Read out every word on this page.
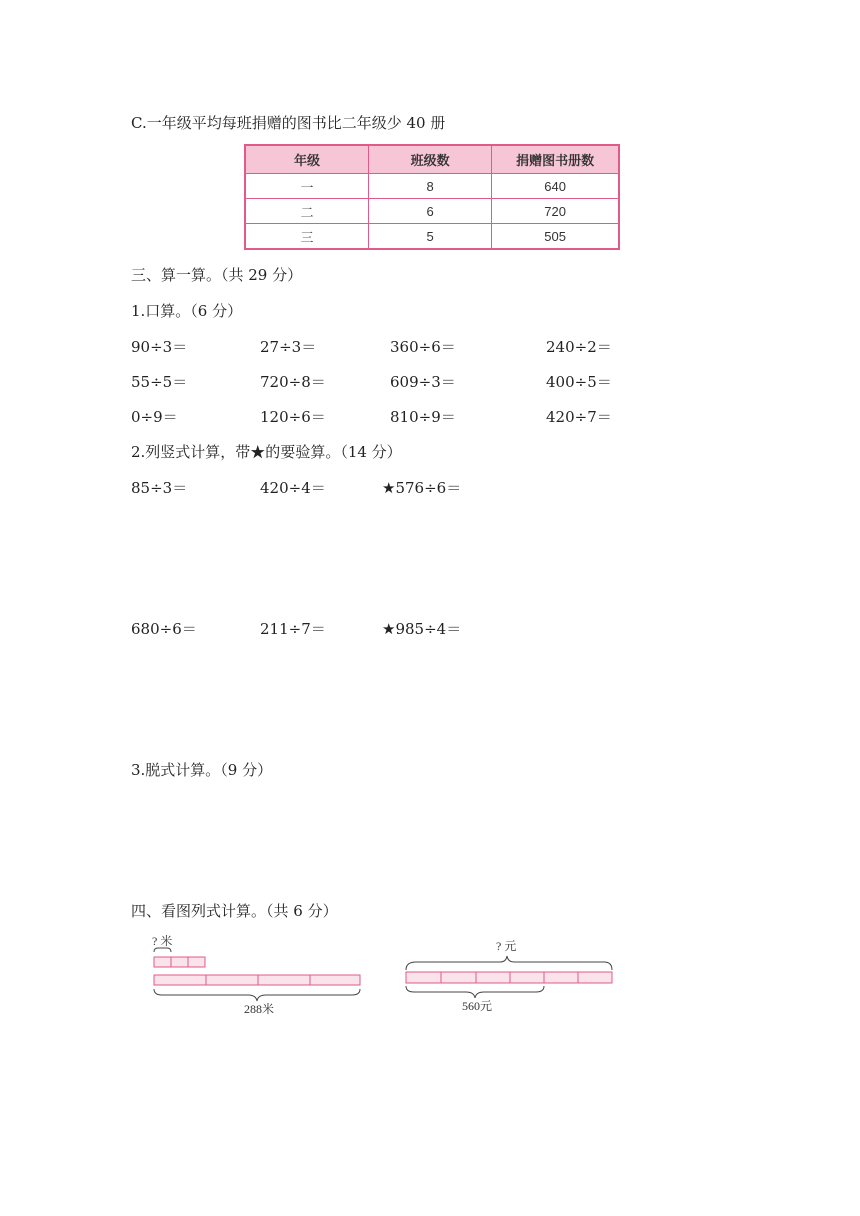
C.一年级平均每班捐赠的图书比二年级少 40 册
年级	班级数	捐赠图书册数
一	8	640
二	6	720
三	5	505
三、算一算。（共 29 分）
1.口算。（6 分）
90÷3＝	27÷3＝	360÷6＝	240÷2＝
55÷5＝	720÷8＝	609÷3＝	400÷5＝
0÷9＝	120÷6＝	810÷9＝	420÷7＝
2.列竖式计算，带★的要验算。（14 分）
85÷3＝	420÷4＝	★576÷6＝
680÷6＝	211÷7＝	★985÷4＝
3.脱式计算。（9 分）
四、看图列式计算。（共 6 分）
? 米
288米
? 元
560元
